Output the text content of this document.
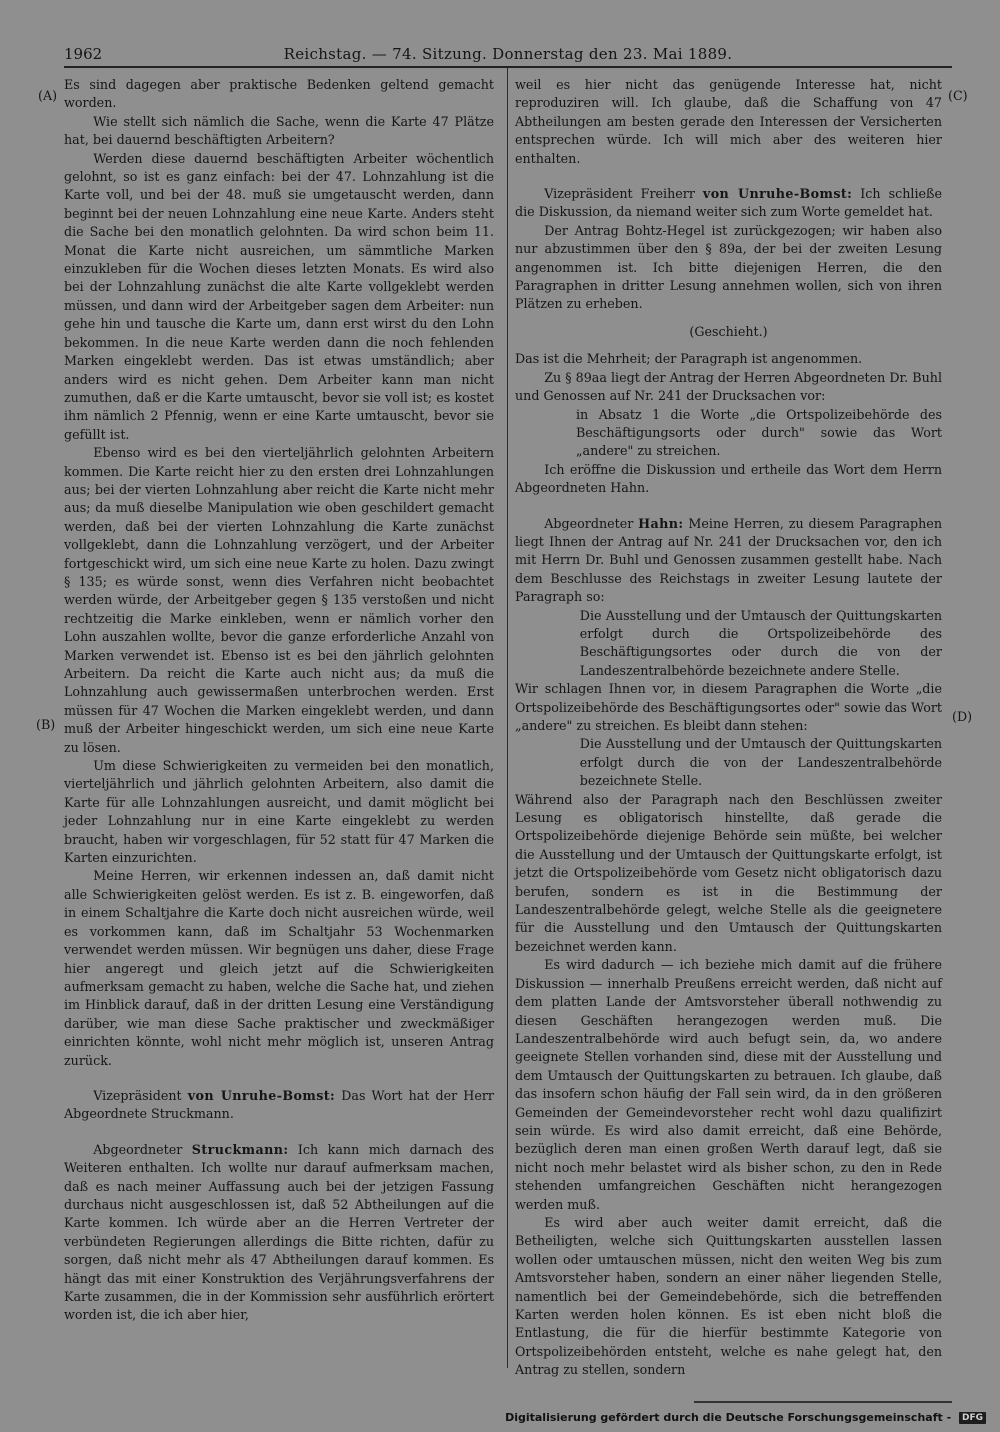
1962	Reichstag. — 74. Sitzung. Donnerstag den 23. Mai 1889.
(A)
(B)
(C)
(D)

Es sind dagegen aber praktische Bedenken geltend gemacht worden.

Wie stellt sich nämlich die Sache, wenn die Karte 47 Plätze hat, bei dauernd beschäftigten Arbeitern?

Werden diese dauernd beschäftigten Arbeiter wöchentlich gelohnt, so ist es ganz einfach: bei der 47. Lohnzahlung ist die Karte voll, und bei der 48. muß sie umgetauscht werden, dann beginnt bei der neuen Lohnzahlung eine neue Karte. Anders steht die Sache bei den monatlich gelohnten. Da wird schon beim 11. Monat die Karte nicht ausreichen, um sämmtliche Marken einzukleben für die Wochen dieses letzten Monats. Es wird also bei der Lohnzahlung zunächst die alte Karte vollgeklebt werden müssen, und dann wird der Arbeitgeber sagen dem Arbeiter: nun gehe hin und tausche die Karte um, dann erst wirst du den Lohn bekommen. In die neue Karte werden dann die noch fehlenden Marken eingeklebt werden. Das ist etwas umständlich; aber anders wird es nicht gehen. Dem Arbeiter kann man nicht zumuthen, daß er die Karte umtauscht, bevor sie voll ist; es kostet ihm nämlich 2 Pfennig, wenn er eine Karte umtauscht, bevor sie gefüllt ist.

Ebenso wird es bei den vierteljährlich gelohnten Arbeitern kommen. Die Karte reicht hier zu den ersten drei Lohnzahlungen aus; bei der vierten Lohnzahlung aber reicht die Karte nicht mehr aus; da muß dieselbe Manipulation wie oben geschildert gemacht werden, daß bei der vierten Lohnzahlung die Karte zunächst vollgeklebt, dann die Lohnzahlung verzögert, und der Arbeiter fortgeschickt wird, um sich eine neue Karte zu holen. Dazu zwingt § 135; es würde sonst, wenn dies Verfahren nicht beobachtet werden würde, der Arbeitgeber gegen § 135 verstoßen und nicht rechtzeitig die Marke einkleben, wenn er nämlich vorher den Lohn auszahlen wollte, bevor die ganze erforderliche Anzahl von Marken verwendet ist. Ebenso ist es bei den jährlich gelohnten Arbeitern. Da reicht die Karte auch nicht aus; da muß die Lohnzahlung auch gewissermaßen unterbrochen werden. Erst müssen für 47 Wochen die Marken eingeklebt werden, und dann muß der Arbeiter hingeschickt werden, um sich eine neue Karte zu lösen.

Um diese Schwierigkeiten zu vermeiden bei den monatlich, vierteljährlich und jährlich gelohnten Arbeitern, also damit die Karte für alle Lohnzahlungen ausreicht, und damit möglicht bei jeder Lohnzahlung nur in eine Karte eingeklebt zu werden braucht, haben wir vorgeschlagen, für 52 statt für 47 Marken die Karten einzurichten.

Meine Herren, wir erkennen indessen an, daß damit nicht alle Schwierigkeiten gelöst werden. Es ist z. B. eingeworfen, daß in einem Schaltjahre die Karte doch nicht ausreichen würde, weil es vorkommen kann, daß im Schaltjahr 53 Wochenmarken verwendet werden müssen. Wir begnügen uns daher, diese Frage hier angeregt und gleich jetzt auf die Schwierigkeiten aufmerksam gemacht zu haben, welche die Sache hat, und ziehen im Hinblick darauf, daß in der dritten Lesung eine Verständigung darüber, wie man diese Sache praktischer und zweckmäßiger einrichten könnte, wohl nicht mehr möglich ist, unseren Antrag zurück.

Vizepräsident von Unruhe-Bomst: Das Wort hat der Herr Abgeordnete Struckmann.

Abgeordneter Struckmann: Ich kann mich darnach des Weiteren enthalten. Ich wollte nur darauf aufmerksam machen, daß es nach meiner Auffassung auch bei der jetzigen Fassung durchaus nicht ausgeschlossen ist, daß 52 Abtheilungen auf die Karte kommen. Ich würde aber an die Herren Vertreter der verbündeten Regierungen allerdings die Bitte richten, dafür zu sorgen, daß nicht mehr als 47 Abtheilungen darauf kommen. Es hängt das mit einer Konstruktion des Verjährungsverfahrens der Karte zusammen, die in der Kommission sehr ausführlich erörtert worden ist, die ich aber hier,

weil es hier nicht das genügende Interesse hat, nicht reproduziren will. Ich glaube, daß die Schaffung von 47 Abtheilungen am besten gerade den Interessen der Versicherten entsprechen würde. Ich will mich aber des weiteren hier enthalten.

Vizepräsident Freiherr von Unruhe-Bomst: Ich schließe die Diskussion, da niemand weiter sich zum Worte gemeldet hat.

Der Antrag Bohtz-Hegel ist zurückgezogen; wir haben also nur abzustimmen über den § 89a, der bei der zweiten Lesung angenommen ist. Ich bitte diejenigen Herren, die den Paragraphen in dritter Lesung annehmen wollen, sich von ihren Plätzen zu erheben.

(Geschieht.)

Das ist die Mehrheit; der Paragraph ist angenommen.

Zu § 89aa liegt der Antrag der Herren Abgeordneten Dr. Buhl und Genossen auf Nr. 241 der Drucksachen vor:

in Absatz 1 die Worte „die Ortspolizeibehörde des Beschäftigungsorts oder durch" sowie das Wort „andere" zu streichen.

Ich eröffne die Diskussion und ertheile das Wort dem Herrn Abgeordneten Hahn.

Abgeordneter Hahn: Meine Herren, zu diesem Paragraphen liegt Ihnen der Antrag auf Nr. 241 der Drucksachen vor, den ich mit Herrn Dr. Buhl und Genossen zusammen gestellt habe. Nach dem Beschlusse des Reichstags in zweiter Lesung lautete der Paragraph so:

Die Ausstellung und der Umtausch der Quittungskarten erfolgt durch die Ortspolizeibehörde des Beschäftigungsortes oder durch die von der Landeszentralbehörde bezeichnete andere Stelle.

Wir schlagen Ihnen vor, in diesem Paragraphen die Worte „die Ortspolizeibehörde des Beschäftigungsortes oder" sowie das Wort „andere" zu streichen. Es bleibt dann stehen:

Die Ausstellung und der Umtausch der Quittungskarten erfolgt durch die von der Landeszentralbehörde bezeichnete Stelle.

Während also der Paragraph nach den Beschlüssen zweiter Lesung es obligatorisch hinstellte, daß gerade die Ortspolizeibehörde diejenige Behörde sein müßte, bei welcher die Ausstellung und der Umtausch der Quittungskarte erfolgt, ist jetzt die Ortspolizeibehörde vom Gesetz nicht obligatorisch dazu berufen, sondern es ist in die Bestimmung der Landeszentralbehörde gelegt, welche Stelle als die geeignetere für die Ausstellung und den Umtausch der Quittungskarten bezeichnet werden kann.

Es wird dadurch — ich beziehe mich damit auf die frühere Diskussion — innerhalb Preußens erreicht werden, daß nicht auf dem platten Lande der Amtsvorsteher überall nothwendig zu diesen Geschäften herangezogen werden muß. Die Landeszentralbehörde wird auch befugt sein, da, wo andere geeignete Stellen vorhanden sind, diese mit der Ausstellung und dem Umtausch der Quittungskarten zu betrauen. Ich glaube, daß das insofern schon häufig der Fall sein wird, da in den größeren Gemeinden der Gemeindevorsteher recht wohl dazu qualifizirt sein würde. Es wird also damit erreicht, daß eine Behörde, bezüglich deren man einen großen Werth darauf legt, daß sie nicht noch mehr belastet wird als bisher schon, zu den in Rede stehenden umfangreichen Geschäften nicht herangezogen werden muß.

Es wird aber auch weiter damit erreicht, daß die Betheiligten, welche sich Quittungskarten ausstellen lassen wollen oder umtauschen müssen, nicht den weiten Weg bis zum Amtsvorsteher haben, sondern an einer näher liegenden Stelle, namentlich bei der Gemeindebehörde, sich die betreffenden Karten werden holen können. Es ist eben nicht bloß die Entlastung, die für die hierfür bestimmte Kategorie von Ortspolizeibehörden entsteht, welche es nahe gelegt hat, den Antrag zu stellen, sondern

Digitalisierung gefördert durch die Deutsche Forschungsgemeinschaft - DFG
